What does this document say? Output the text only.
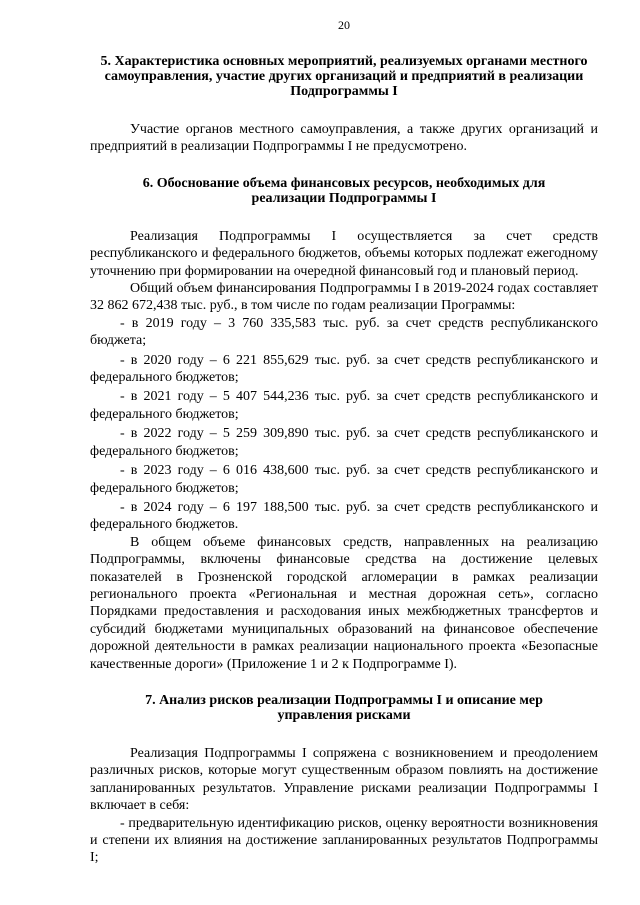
20
5. Характеристика основных мероприятий, реализуемых органами местного самоуправления, участие других организаций и предприятий в реализации Подпрограммы I

Участие органов местного самоуправления, а также других организаций и предприятий в реализации Подпрограммы I не предусмотрено.

6. Обоснование объема финансовых ресурсов, необходимых для реализации Подпрограммы I

Реализация Подпрограммы I осуществляется за счет средств республиканского и федерального бюджетов, объемы которых подлежат ежегодному уточнению при формировании на очередной финансовый год и плановый период.

Общий объем финансирования Подпрограммы I в 2019-2024 годах составляет 32 862 672,438 тыс. руб., в том числе по годам реализации Программы:

- в 2019 году – 3 760 335,583 тыс. руб. за счет средств республиканского бюджета;

- в 2020 году – 6 221 855,629 тыс. руб. за счет средств республиканского и федерального бюджетов;

- в 2021 году – 5 407 544,236 тыс. руб. за счет средств республиканского и федерального бюджетов;

- в 2022 году – 5 259 309,890 тыс. руб. за счет средств республиканского и федерального бюджетов;

- в 2023 году – 6 016 438,600 тыс. руб. за счет средств республиканского и федерального бюджетов;

- в 2024 году – 6 197 188,500 тыс. руб. за счет средств республиканского и федерального бюджетов.

В общем объеме финансовых средств, направленных на реализацию Подпрограммы, включены финансовые средства на достижение целевых показателей в Грозненской городской агломерации в рамках реализации регионального проекта «Региональная и местная дорожная сеть», согласно Порядками предоставления и расходования иных межбюджетных трансфертов и субсидий бюджетами муниципальных образований на финансовое обеспечение дорожной деятельности в рамках реализации национального проекта «Безопасные качественные дороги» (Приложение 1 и 2 к Подпрограмме I).

7. Анализ рисков реализации Подпрограммы I и описание мер управления рисками

Реализация Подпрограммы I сопряжена с возникновением и преодолением различных рисков, которые могут существенным образом повлиять на достижение запланированных результатов. Управление рисками реализации Подпрограммы I включает в себя:

- предварительную идентификацию рисков, оценку вероятности возникновения и степени их влияния на достижение запланированных результатов Подпрограммы I;
